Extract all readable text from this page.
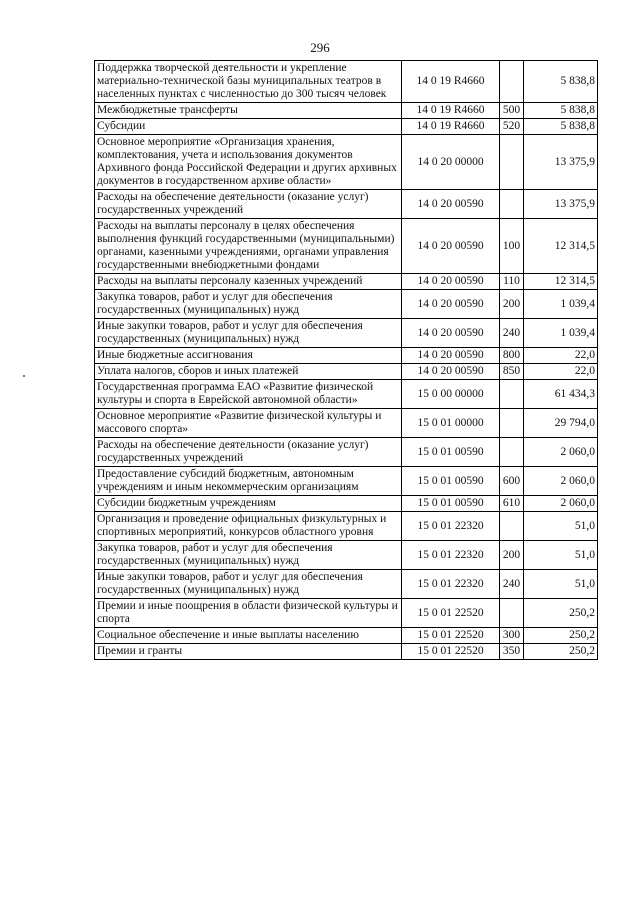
296
Поддержка творческой деятельности и укрепление материально-технической базы муниципальных театров в населенных пунктах с численностью до 300 тысяч человек	14 0 19 R4660		5 838,8
Межбюджетные трансферты	14 0 19 R4660	500	5 838,8
Субсидии	14 0 19 R4660	520	5 838,8
Основное мероприятие «Организация хранения, комплектования, учета и использования документов Архивного фонда Российской Федерации и других архивных документов в государственном архиве области»	14 0 20 00000		13 375,9
Расходы на обеспечение деятельности (оказание услуг) государственных учреждений	14 0 20 00590		13 375,9
Расходы на выплаты персоналу в целях обеспечения выполнения функций государственными (муниципальными) органами, казенными учреждениями, органами управления государственными внебюджетными фондами	14 0 20 00590	100	12 314,5
Расходы на выплаты персоналу казенных учреждений	14 0 20 00590	110	12 314,5
Закупка товаров, работ и услуг для обеспечения государственных (муниципальных) нужд	14 0 20 00590	200	1 039,4
Иные закупки товаров, работ и услуг для обеспечения государственных (муниципальных) нужд	14 0 20 00590	240	1 039,4
Иные бюджетные ассигнования	14 0 20 00590	800	22,0
Уплата налогов, сборов и иных платежей	14 0 20 00590	850	22,0
Государственная программа ЕАО «Развитие физической культуры и спорта в Еврейской автономной области»	15 0 00 00000		61 434,3
Основное мероприятие «Развитие физической культуры и массового спорта»	15 0 01 00000		29 794,0
Расходы на обеспечение деятельности (оказание услуг) государственных учреждений	15 0 01 00590		2 060,0
Предоставление субсидий бюджетным, автономным учреждениям и иным некоммерческим организациям	15 0 01 00590	600	2 060,0
Субсидии бюджетным учреждениям	15 0 01 00590	610	2 060,0
Организация и проведение официальных физкультурных и спортивных мероприятий, конкурсов областного уровня	15 0 01 22320		51,0
Закупка товаров, работ и услуг для обеспечения государственных (муниципальных) нужд	15 0 01 22320	200	51,0
Иные закупки товаров, работ и услуг для обеспечения государственных (муниципальных) нужд	15 0 01 22320	240	51,0
Премии и иные поощрения в области физической культуры и спорта	15 0 01 22520		250,2
Социальное обеспечение и иные выплаты населению	15 0 01 22520	300	250,2
Премии и гранты	15 0 01 22520	350	250,2
